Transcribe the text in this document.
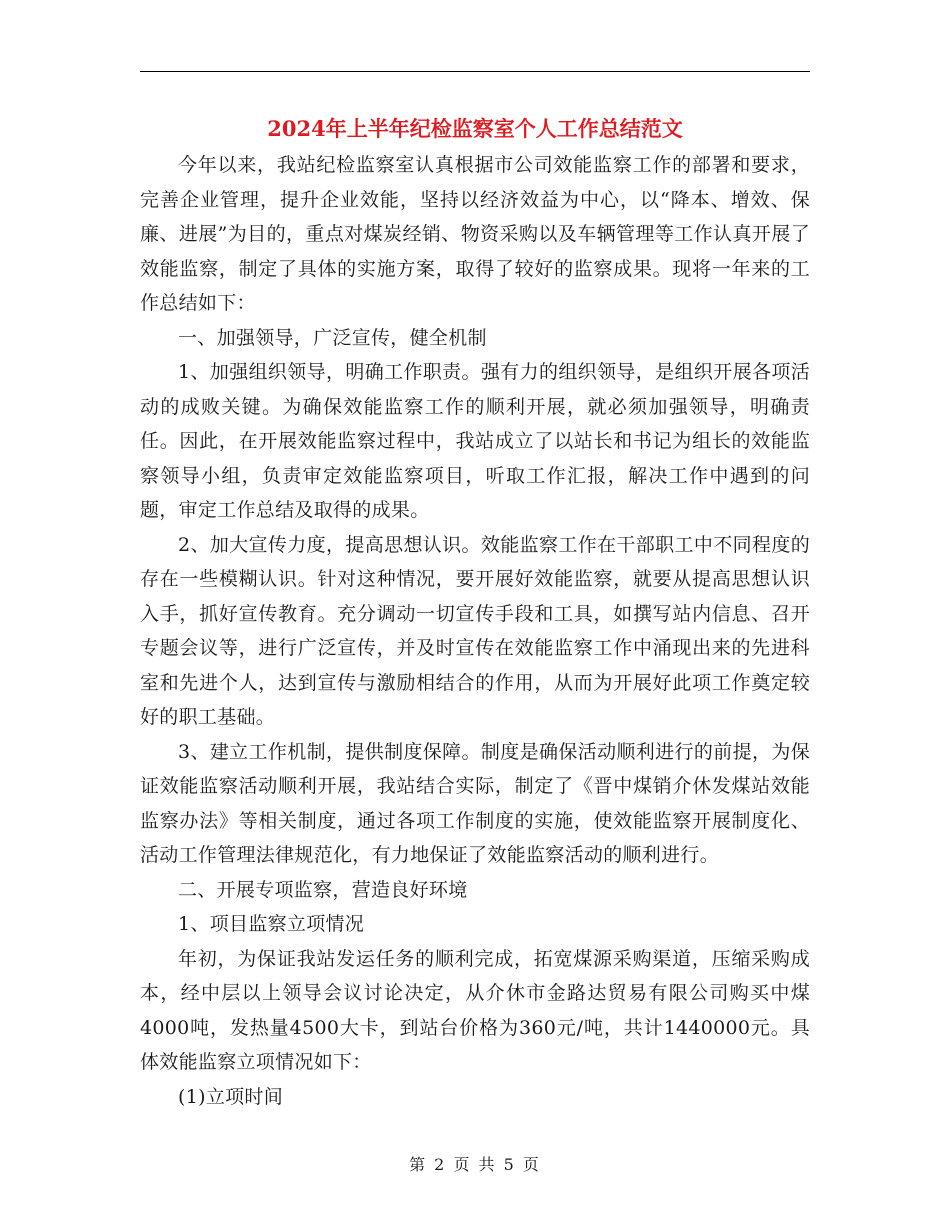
2024年上半年纪检监察室个人工作总结范文

今年以来，我站纪检监察室认真根据市公司效能监察工作的部署和要求，完善企业管理，提升企业效能，坚持以经济效益为中心，以“降本、增效、保廉、进展”为目的，重点对煤炭经销、物资采购以及车辆管理等工作认真开展了效能监察，制定了具体的实施方案，取得了较好的监察成果。现将一年来的工作总结如下：

一、加强领导，广泛宣传，健全机制

1、加强组织领导，明确工作职责。强有力的组织领导，是组织开展各项活动的成败关键。为确保效能监察工作的顺利开展，就必须加强领导，明确责任。因此，在开展效能监察过程中，我站成立了以站长和书记为组长的效能监察领导小组，负责审定效能监察项目，听取工作汇报，解决工作中遇到的问题，审定工作总结及取得的成果。

2、加大宣传力度，提高思想认识。效能监察工作在干部职工中不同程度的存在一些模糊认识。针对这种情况，要开展好效能监察，就要从提高思想认识入手，抓好宣传教育。充分调动一切宣传手段和工具，如撰写站内信息、召开专题会议等，进行广泛宣传，并及时宣传在效能监察工作中涌现出来的先进科室和先进个人，达到宣传与激励相结合的作用，从而为开展好此项工作奠定较好的职工基础。

3、建立工作机制，提供制度保障。制度是确保活动顺利进行的前提，为保证效能监察活动顺利开展，我站结合实际，制定了《晋中煤销介休发煤站效能监察办法》等相关制度，通过各项工作制度的实施，使效能监察开展制度化、活动工作管理法律规范化，有力地保证了效能监察活动的顺利进行。

二、开展专项监察，营造良好环境

1、项目监察立项情况

年初，为保证我站发运任务的顺利完成，拓宽煤源采购渠道，压缩采购成本，经中层以上领导会议讨论决定，从介休市金路达贸易有限公司购买中煤4000吨，发热量4500大卡，到站台价格为360元/吨，共计1440000元。具体效能监察立项情况如下：

(1)立项时间

第 2 页 共 5 页
